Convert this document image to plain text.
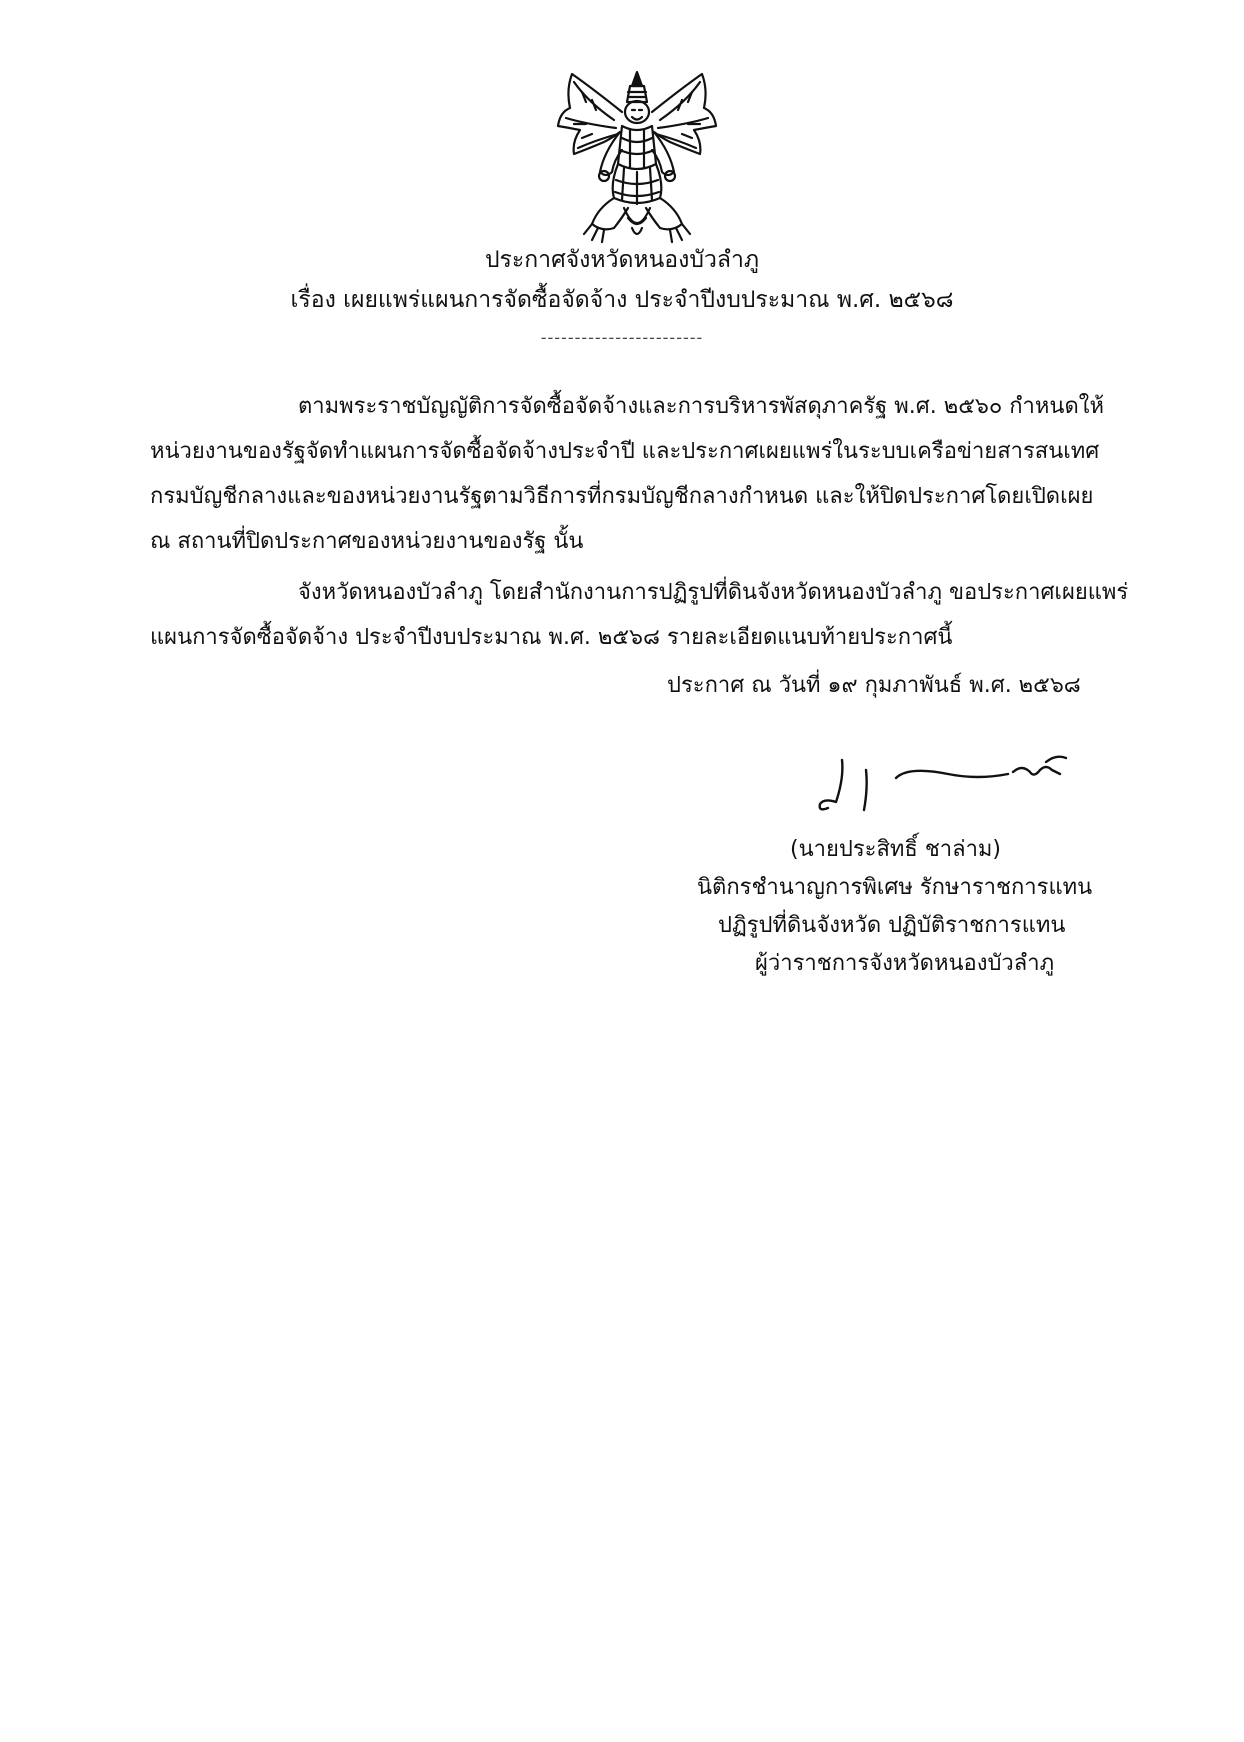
ประกาศจังหวัดหนองบัวลำภู
เรื่อง เผยแพร่แผนการจัดซื้อจัดจ้าง ประจำปีงบประมาณ พ.ศ. ๒๕๖๘
------------------------
ตามพระราชบัญญัติการจัดซื้อจัดจ้างและการบริหารพัสดุภาครัฐ พ.ศ. ๒๕๖๐ กำหนดให้
หน่วยงานของรัฐจัดทำแผนการจัดซื้อจัดจ้างประจำปี และประกาศเผยแพร่ในระบบเครือข่ายสารสนเทศ
กรมบัญชีกลางและของหน่วยงานรัฐตามวิธีการที่กรมบัญชีกลางกำหนด และให้ปิดประกาศโดยเปิดเผย
ณ สถานที่ปิดประกาศของหน่วยงานของรัฐ นั้น
จังหวัดหนองบัวลำภู โดยสำนักงานการปฏิรูปที่ดินจังหวัดหนองบัวลำภู ขอประกาศเผยแพร่
แผนการจัดซื้อจัดจ้าง ประจำปีงบประมาณ พ.ศ. ๒๕๖๘ รายละเอียดแนบท้ายประกาศนี้
ประกาศ ณ วันที่ ๑๙ กุมภาพันธ์ พ.ศ. ๒๕๖๘
(นายประสิทธิ์ ชาล่าม)
นิติกรชำนาญการพิเศษ รักษาราชการแทน
ปฏิรูปที่ดินจังหวัด ปฏิบัติราชการแทน
ผู้ว่าราชการจังหวัดหนองบัวลำภู
